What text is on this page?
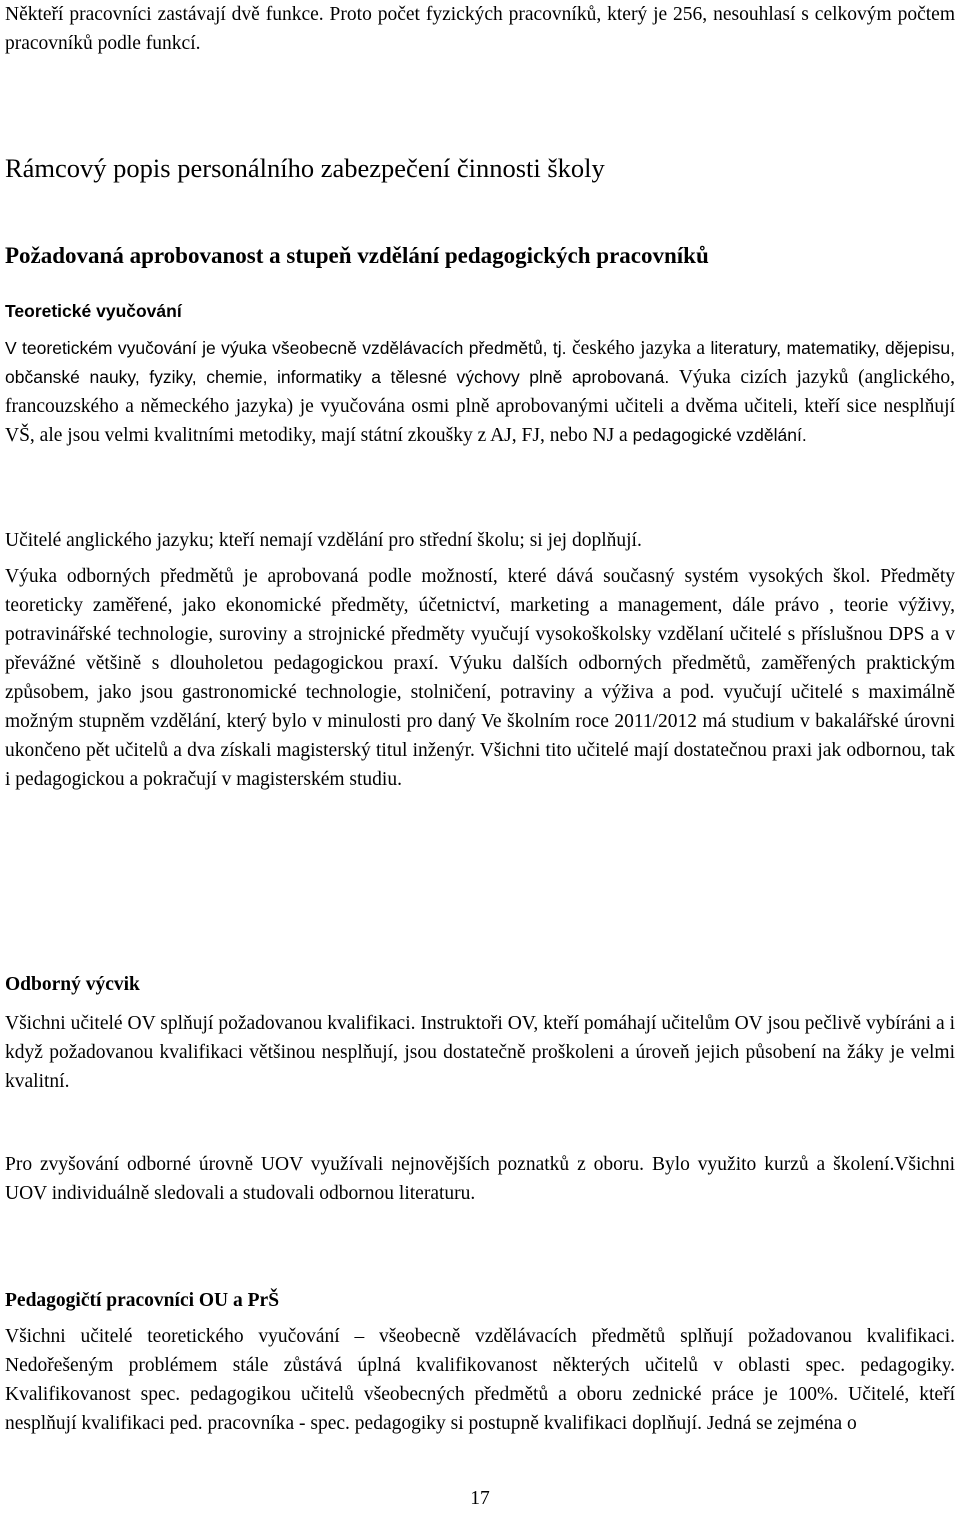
Někteří pracovníci zastávají dvě funkce. Proto počet fyzických pracovníků, který je 256, nesouhlasí s celkovým počtem pracovníků podle funkcí.

Rámcový popis personálního zabezpečení činnosti školy
Požadovaná aprobovanost a stupeň vzdělání pedagogických pracovníků
Teoretické vyučování

V teoretickém vyučování je výuka všeobecně vzdělávacích předmětů, tj. českého jazyka a literatury, matematiky, dějepisu, občanské nauky, fyziky, chemie, informatiky a tělesné výchovy plně aprobovaná. Výuka cizích jazyků (anglického, francouzského a německého jazyka) je vyučována osmi plně aprobovanými učiteli a dvěma učiteli, kteří sice nesplňují VŠ, ale jsou velmi kvalitními metodiky, mají státní zkoušky z AJ, FJ, nebo NJ a pedagogické vzdělání.

Učitelé anglického jazyku; kteří nemají vzdělání pro střední školu; si jej doplňují.

Výuka odborných předmětů je aprobovaná podle možností, které dává současný systém vysokých škol. Předměty teoreticky zaměřené, jako ekonomické předměty, účetnictví, marketing a management, dále právo , teorie výživy, potravinářské technologie, suroviny a strojnické předměty vyučují vysokoškolsky vzdělaní učitelé s příslušnou DPS a v převážné většině s dlouholetou pedagogickou praxí. Výuku dalších odborných předmětů, zaměřených praktickým způsobem, jako jsou gastronomické technologie, stolničení, potraviny a výživa a pod. vyučují učitelé s maximálně možným stupněm vzdělání, který bylo v minulosti pro daný Ve školním roce 2011/2012 má studium v bakalářské úrovni ukončeno pět učitelů a dva získali magisterský titul inženýr. Všichni tito učitelé mají dostatečnou praxi jak odbornou, tak i pedagogickou a pokračují v magisterském studiu.

Odborný výcvik

Všichni učitelé OV splňují požadovanou kvalifikaci. Instruktoři OV, kteří pomáhají učitelům OV jsou pečlivě vybíráni a i když požadovanou kvalifikaci většinou nesplňují, jsou dostatečně proškoleni a úroveň jejich působení na žáky je velmi kvalitní.

Pro zvyšování odborné úrovně UOV využívali nejnovějších poznatků z oboru. Bylo využito kurzů a školení.Všichni UOV individuálně sledovali a studovali odbornou literaturu.

Pedagogičtí pracovníci OU a PrŠ

Všichni učitelé teoretického vyučování – všeobecně vzdělávacích předmětů splňují požadovanou kvalifikaci. Nedořešeným problémem stále zůstává úplná kvalifikovanost některých učitelů v oblasti spec. pedagogiky. Kvalifikovanost spec. pedagogikou učitelů všeobecných předmětů a oboru zednické práce je 100%. Učitelé, kteří nesplňují kvalifikaci ped. pracovníka - spec. pedagogiky si postupně kvalifikaci doplňují. Jedná se zejména o

17
